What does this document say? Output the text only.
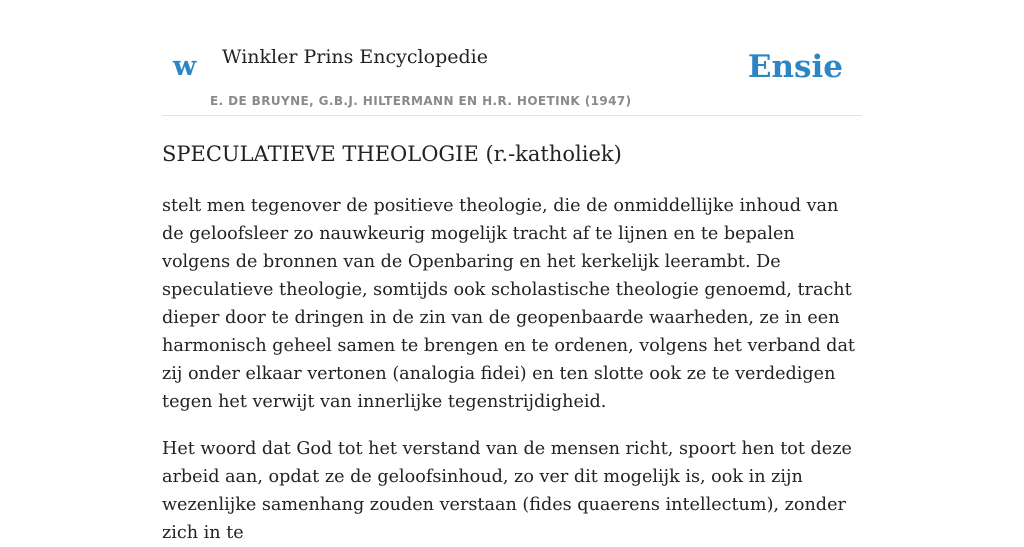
w Winkler Prins Encyclopedie
E. DE BRUYNE, G.B.J. HILTERMANN EN H.R. HOETINK (1947)
Ensie
SPECULATIEVE THEOLOGIE (r.-katholiek)

stelt men tegenover de positieve theologie, die de onmiddellijke inhoud van de geloofsleer zo nauwkeurig mogelijk tracht af te lijnen en te bepalen volgens de bronnen van de Openbaring en het kerkelijk leerambt. De speculatieve theologie, somtijds ook scholastische theologie genoemd, tracht dieper door te dringen in de zin van de geopenbaarde waarheden, ze in een harmonisch geheel samen te brengen en te ordenen, volgens het verband dat zij onder elkaar vertonen (analogia fidei) en ten slotte ook ze te verdedigen tegen het verwijt van innerlijke tegenstrijdigheid.

Het woord dat God tot het verstand van de mensen richt, spoort hen tot deze arbeid aan, opdat ze de geloofsinhoud, zo ver dit mogelijk is, ook in zijn wezenlijke samenhang zouden verstaan (fides quaerens intellectum), zonder zich in te
